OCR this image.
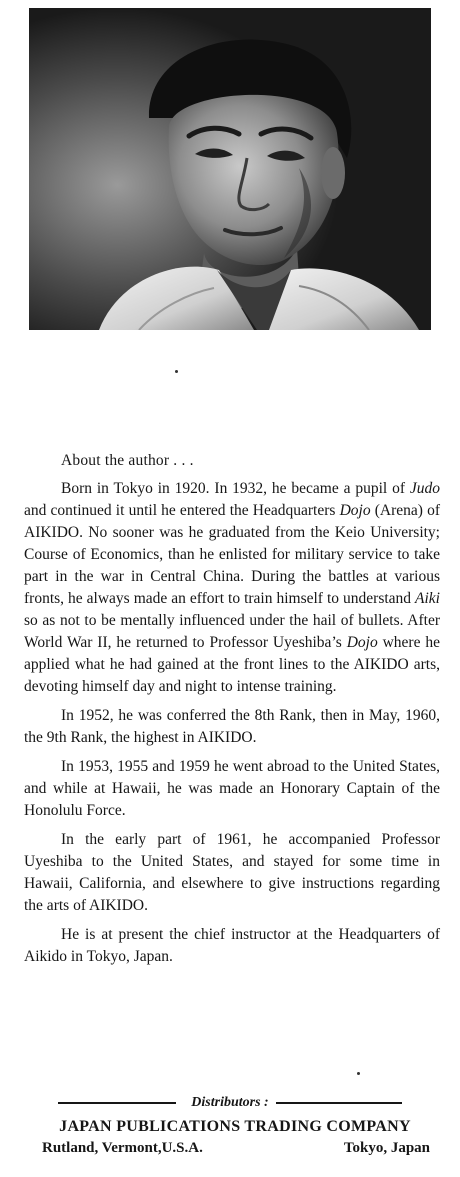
About the author . . .

Born in Tokyo in 1920. In 1932, he became a pupil of Judo and continued it until he entered the Headquarters Dojo (Arena) of AIKIDO. No sooner was he graduated from the Keio University; Course of Economics, than he enlisted for military service to take part in the war in Central China. During the battles at various fronts, he always made an effort to train himself to understand Aiki so as not to be mentally influenced under the hail of bullets. After World War II, he returned to Professor Uyeshiba’s Dojo where he applied what he had gained at the front lines to the AIKIDO arts, devoting himself day and night to intense training.

In 1952, he was conferred the 8th Rank, then in May, 1960, the 9th Rank, the highest in AIKIDO.

In 1953, 1955 and 1959 he went abroad to the United States, and while at Hawaii, he was made an Honorary Captain of the Honolulu Force.

In the early part of 1961, he accompanied Professor Uyeshiba to the United States, and stayed for some time in Hawaii, California, and elsewhere to give instructions regarding the arts of AIKIDO.

He is at present the chief instructor at the Headquarters of Aikido in Tokyo, Japan.

Distributors :
JAPAN PUBLICATIONS TRADING COMPANY
Rutland, Vermont,U.S.A.	Tokyo, Japan
